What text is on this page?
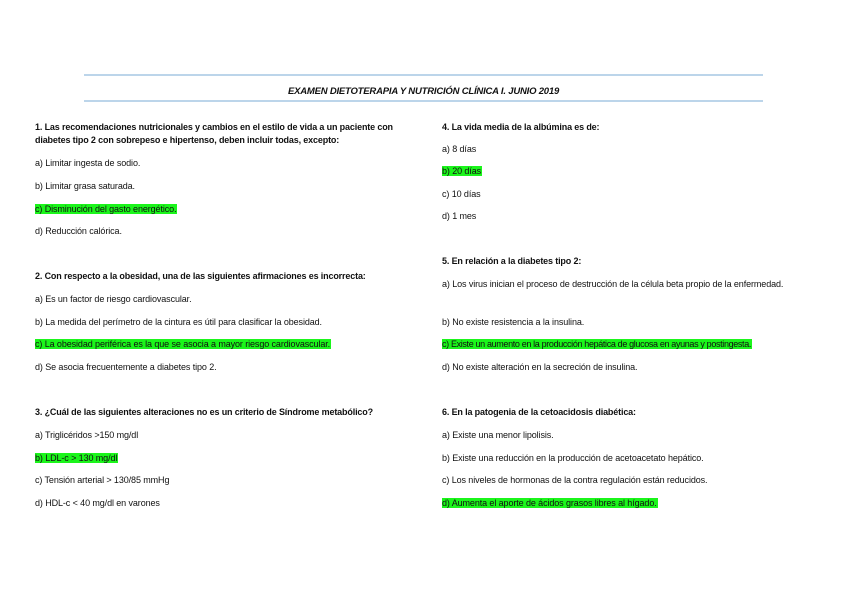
EXAMEN DIETOTERAPIA Y NUTRICIÓN CLÍNICA I. JUNIO 2019

1. Las recomendaciones nutricionales y cambios en el estilo de vida a un paciente con diabetes tipo 2 con sobrepeso e hipertenso, deben incluir todas, excepto:

a) Limitar ingesta de sodio.

b) Limitar grasa saturada.

c) Disminución del gasto energético.

d) Reducción calórica.

2. Con respecto a la obesidad, una de las siguientes afirmaciones es incorrecta:

a) Es un factor de riesgo cardiovascular.

b) La medida del perímetro de la cintura es útil para clasificar la obesidad.

c) La obesidad periférica es la que se asocia a mayor riesgo cardiovascular.

d) Se asocia frecuentemente a diabetes tipo 2.

3. ¿Cuál de las siguientes alteraciones no es un criterio de Síndrome metabólico?

a) Triglicéridos >150 mg/dl

b) LDL-c > 130 mg/dl

c) Tensión arterial > 130/85 mmHg

d) HDL-c < 40 mg/dl en varones

4. La vida media de la albúmina es de:

a) 8 días

b) 20 días

c) 10 días

d) 1 mes

5. En relación a la diabetes tipo 2:

a) Los virus inician el proceso de destrucción de la célula beta propio de la enfermedad.

b) No existe resistencia a la insulina.

c) Existe un aumento en la producción hepática de glucosa en ayunas y postingesta.

d) No existe alteración en la secreción de insulina.

6. En la patogenia de la cetoacidosis diabética:

a) Existe una menor lipolisis.

b) Existe una reducción en la producción de acetoacetato hepático.

c) Los niveles de hormonas de la contra regulación están reducidos.

d) Aumenta el aporte de ácidos grasos libres al hígado.
